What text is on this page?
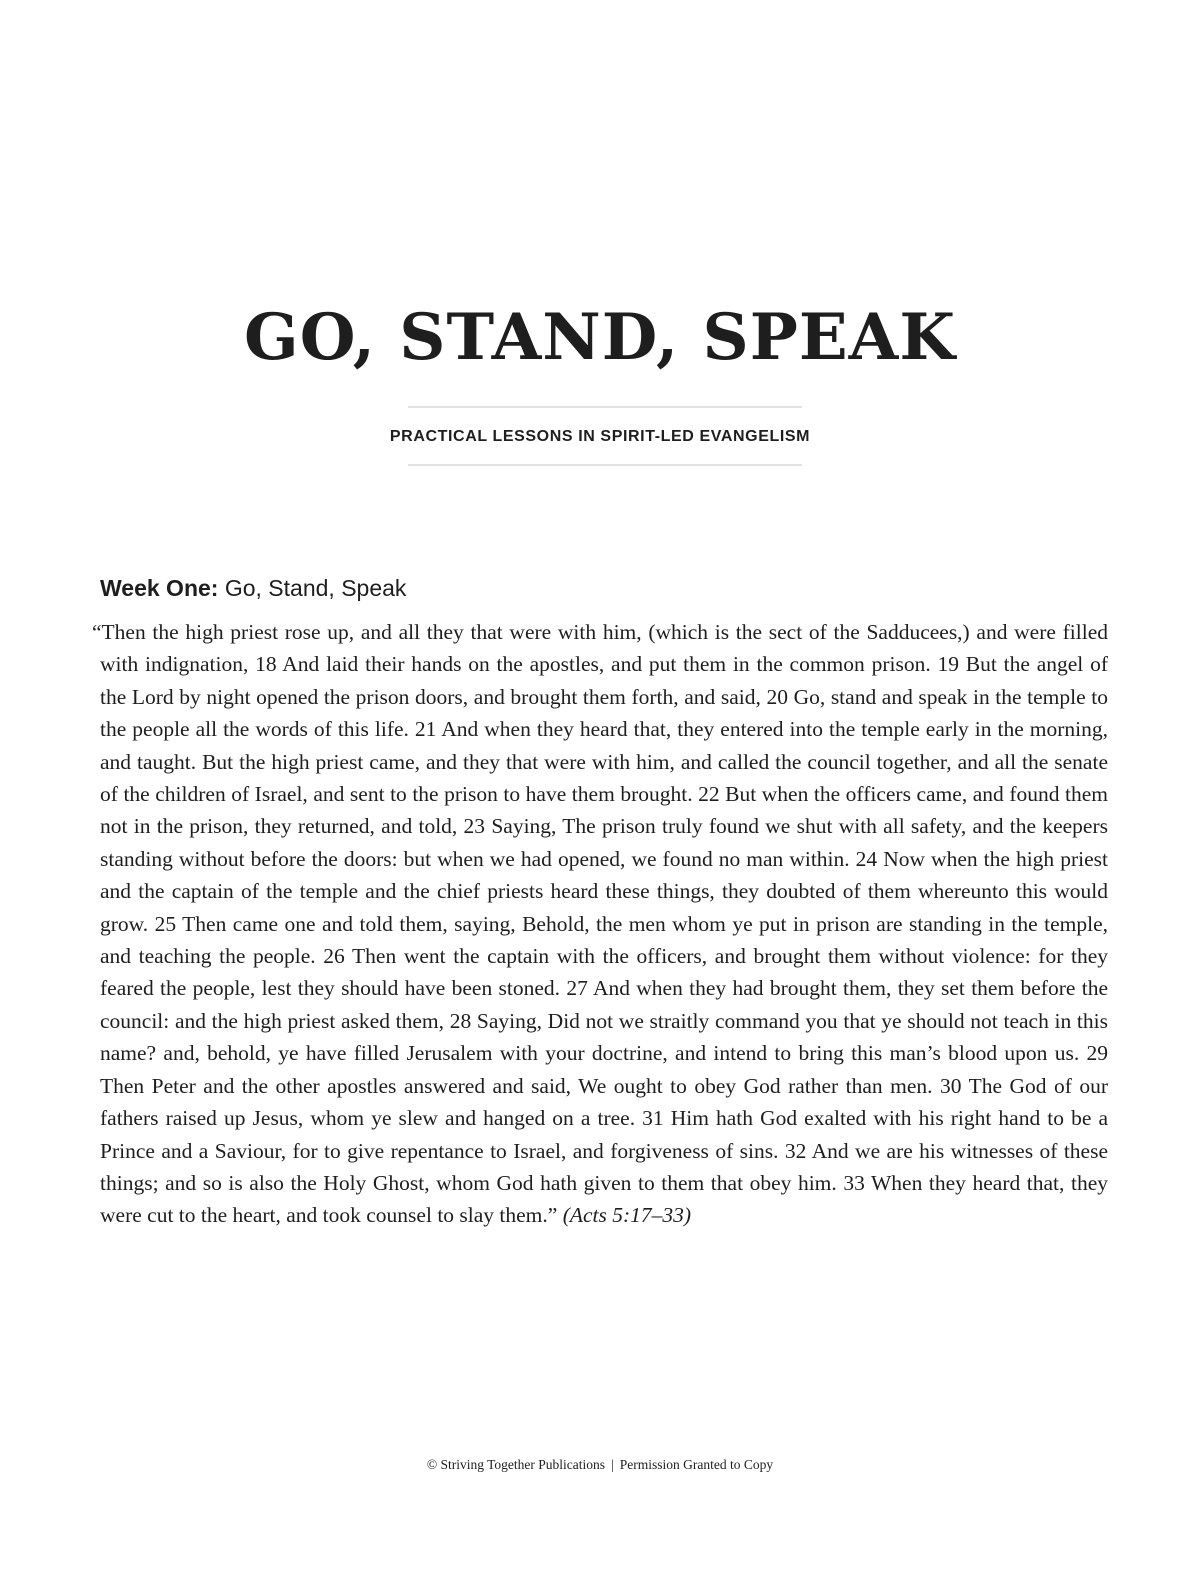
GO, STAND, SPEAK
PRACTICAL LESSONS IN SPIRIT-LED EVANGELISM
Week One: Go, Stand, Speak

“Then the high priest rose up, and all they that were with him, (which is the sect of the Sadducees,) and were filled with indignation, 18 And laid their hands on the apostles, and put them in the common prison. 19 But the angel of the Lord by night opened the prison doors, and brought them forth, and said, 20 Go, stand and speak in the temple to the people all the words of this life. 21 And when they heard that, they entered into the temple early in the morning, and taught. But the high priest came, and they that were with him, and called the council together, and all the senate of the children of Israel, and sent to the prison to have them brought. 22 But when the officers came, and found them not in the prison, they returned, and told, 23 Saying, The prison truly found we shut with all safety, and the keepers standing without before the doors: but when we had opened, we found no man within. 24 Now when the high priest and the captain of the temple and the chief priests heard these things, they doubted of them whereunto this would grow. 25 Then came one and told them, saying, Behold, the men whom ye put in prison are standing in the temple, and teaching the people. 26 Then went the captain with the officers, and brought them without violence: for they feared the people, lest they should have been stoned. 27 And when they had brought them, they set them before the council: and the high priest asked them, 28 Saying, Did not we straitly command you that ye should not teach in this name? and, behold, ye have filled Jerusalem with your doctrine, and intend to bring this man’s blood upon us. 29 Then Peter and the other apostles answered and said, We ought to obey God rather than men. 30 The God of our fathers raised up Jesus, whom ye slew and hanged on a tree. 31 Him hath God exalted with his right hand to be a Prince and a Saviour, for to give repentance to Israel, and forgiveness of sins. 32 And we are his witnesses of these things; and so is also the Holy Ghost, whom God hath given to them that obey him. 33 When they heard that, they were cut to the heart, and took counsel to slay them.” (Acts 5:17–33)

© Striving Together Publications | Permission Granted to Copy
